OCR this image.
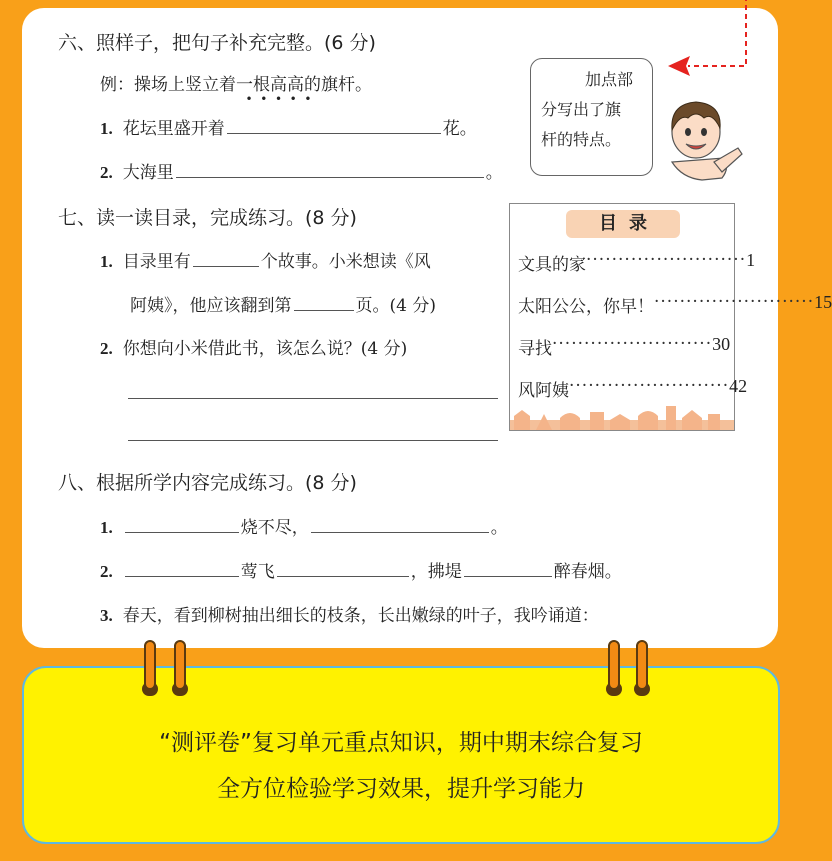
六、照样子，把句子补充完整。(6 分)
例：操场上竖立着一根高高的
•  •  •  •  •
旗杆。
1. 花坛里盛开着	花。
2. 大海里	。
加点部
分写出了旗
杆的特点。
七、读一读目录，完成练习。(8 分)
1. 目录里有	个故事。小米想读《风
阿姨》，他应该翻到第	页。(4 分)
2. 你想向小米借此书，该怎么说？(4 分)
目录
文具的家 ························· 1
太阳公公，你早！ ························· 15
寻找 ························· 30
风阿姨 ························· 42
八、根据所学内容完成练习。(8 分)
1.	烧不尽，	。
2.	莺飞	，拂堤	醉春烟。
3. 春天，看到柳树抽出细长的枝条，长出嫩绿的叶子，我吟诵道：
“测评卷”复习单元重点知识，期中期末综合复习
全方位检验学习效果，提升学习能力
